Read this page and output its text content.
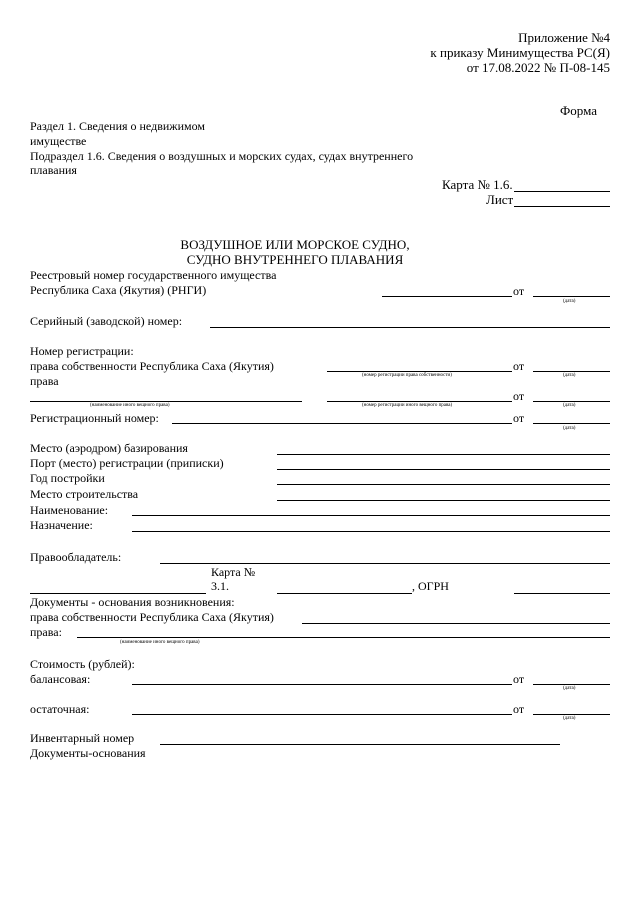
Приложение №4
к приказу Минимущества РС(Я)
от 17.08.2022 № П-08-145
Форма
Раздел 1. Сведения о недвижимом
имуществе
Подраздел 1.6. Сведения о воздушных и морских судах, судах внутреннего
плавания
Карта № 1.6.
Лист
ВОЗДУШНОЕ ИЛИ МОРСКОЕ СУДНО,
СУДНО ВНУТРЕННЕГО ПЛАВАНИЯ
Реестровый номер государственного имущества
Республика Саха (Якутия) (РНГИ)	от
(дата)
Серийный (заводской) номер:
Номер регистрации:
права собственности Республика Саха (Якутия)
(номер регистрации права собственности)
от
(дата)
права
(наименование иного вещного права)	(номер регистрации иного вещного права)
от
(дата)
Регистрационный номер:	от
(дата)
Место (аэродром) базирования
Порт (место) регистрации (приписки)
Год постройки
Место строительства
Наименование:
Назначение:
Правообладатель:
Карта №
3.1.	, ОГРН
Документы - основания возникновения:
права собственности Республика Саха (Якутия)
права:
(наименование иного вещного права)
Стоимость (рублей):
балансовая:	от
(дата)
остаточная:	от
(дата)
Инвентарный номер
Документы-основания
